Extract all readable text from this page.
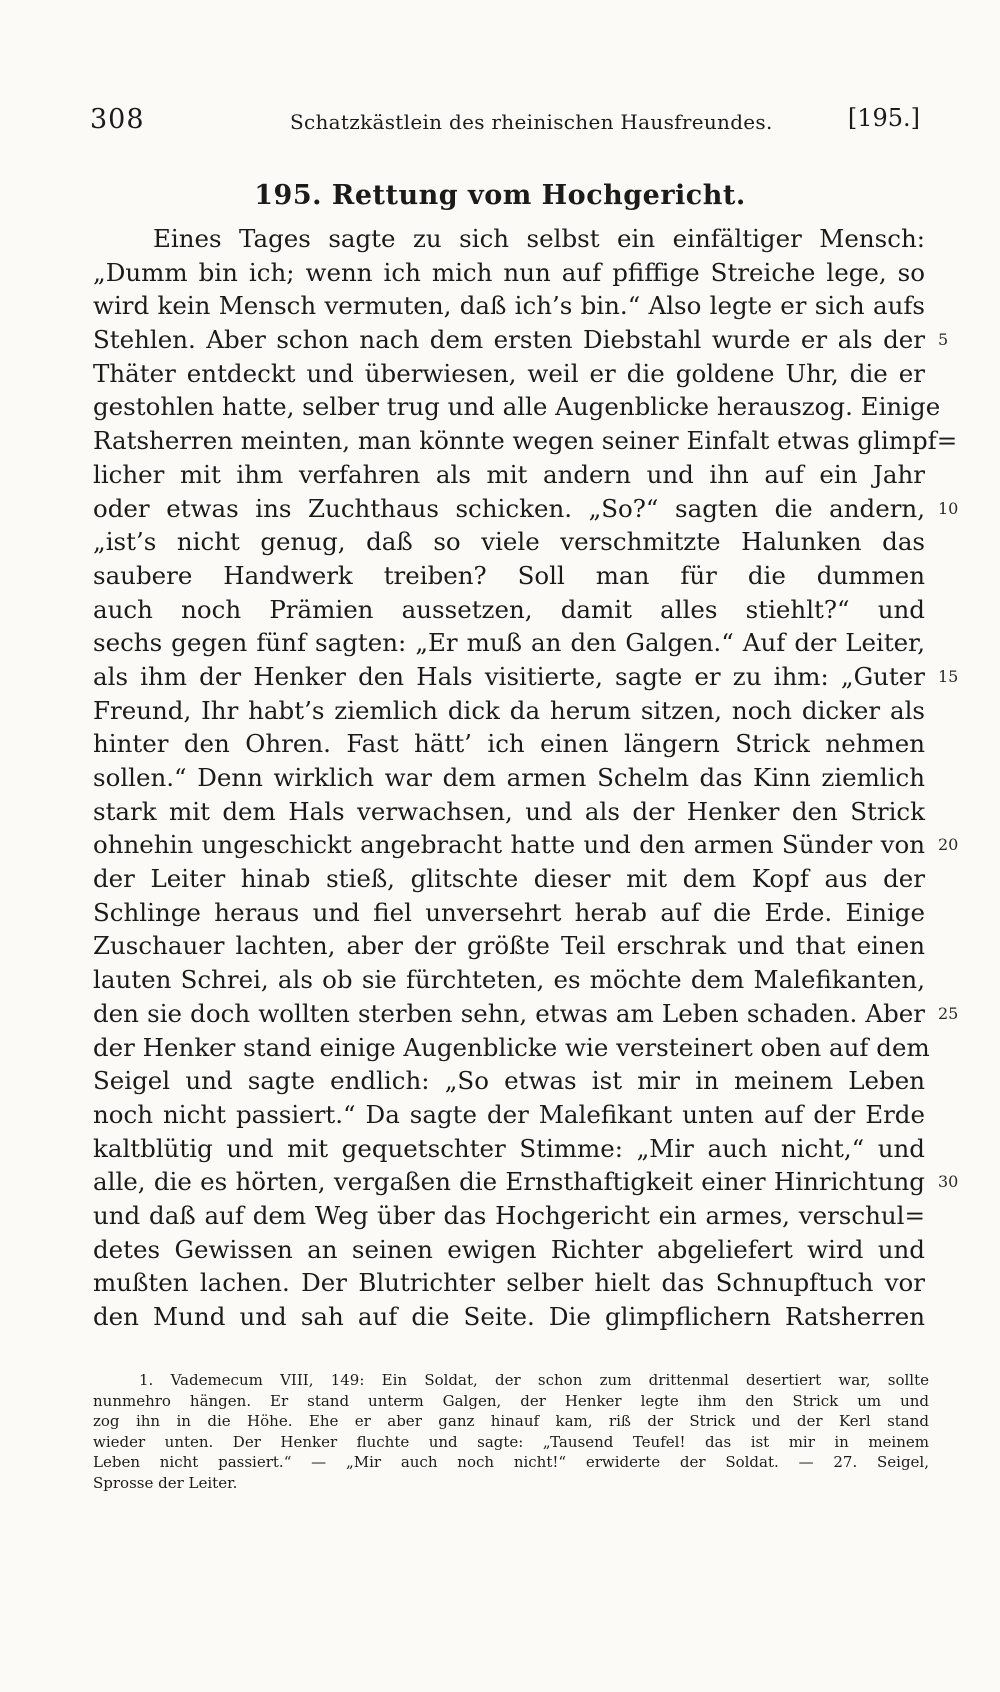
308	Schatzkästlein des rheinischen Hausfreundes.	[195.]
195. Rettung vom Hochgericht.
Eines Tages sagte zu sich selbst ein einfältiger Mensch:
„Dumm bin ich; wenn ich mich nun auf pfiffige Streiche lege, so
wird kein Mensch vermuten, daß ich’s bin.“ Also legte er sich aufs
Stehlen. Aber schon nach dem ersten Diebstahl wurde er als der 5
Thäter entdeckt und überwiesen, weil er die goldene Uhr, die er
gestohlen hatte, selber trug und alle Augenblicke herauszog. Einige
Ratsherren meinten, man könnte wegen seiner Einfalt etwas glimpf=
licher mit ihm verfahren als mit andern und ihn auf ein Jahr
oder etwas ins Zuchthaus schicken. „So?“ sagten die andern, 10
„ist’s nicht genug, daß so viele verschmitzte Halunken das
saubere Handwerk treiben? Soll man für die dummen
auch noch Prämien aussetzen, damit alles stiehlt?“ und
sechs gegen fünf sagten: „Er muß an den Galgen.“ Auf der Leiter,
als ihm der Henker den Hals visitierte, sagte er zu ihm: „Guter 15
Freund, Ihr habt’s ziemlich dick da herum sitzen, noch dicker als
hinter den Ohren. Fast hätt’ ich einen längern Strick nehmen
sollen.“ Denn wirklich war dem armen Schelm das Kinn ziemlich
stark mit dem Hals verwachsen, und als der Henker den Strick
ohnehin ungeschickt angebracht hatte und den armen Sünder von 20
der Leiter hinab stieß, glitschte dieser mit dem Kopf aus der
Schlinge heraus und fiel unversehrt herab auf die Erde. Einige
Zuschauer lachten, aber der größte Teil erschrak und that einen
lauten Schrei, als ob sie fürchteten, es möchte dem Malefikanten,
den sie doch wollten sterben sehn, etwas am Leben schaden. Aber 25
der Henker stand einige Augenblicke wie versteinert oben auf dem
Seigel und sagte endlich: „So etwas ist mir in meinem Leben
noch nicht passiert.“ Da sagte der Malefikant unten auf der Erde
kaltblütig und mit gequetschter Stimme: „Mir auch nicht,“ und
alle, die es hörten, vergaßen die Ernsthaftigkeit einer Hinrichtung 30
und daß auf dem Weg über das Hochgericht ein armes, verschul=
detes Gewissen an seinen ewigen Richter abgeliefert wird und
mußten lachen. Der Blutrichter selber hielt das Schnupftuch vor
den Mund und sah auf die Seite. Die glimpflichern Ratsherren
1. Vademecum VIII, 149: Ein Soldat, der schon zum drittenmal desertiert war, sollte
nunmehro hängen. Er stand unterm Galgen, der Henker legte ihm den Strick um und
zog ihn in die Höhe. Ehe er aber ganz hinauf kam, riß der Strick und der Kerl stand
wieder unten. Der Henker fluchte und sagte: „Tausend Teufel! das ist mir in meinem
Leben nicht passiert.“ — „Mir auch noch nicht!“ erwiderte der Soldat. — 27. Seigel,
Sprosse der Leiter.
